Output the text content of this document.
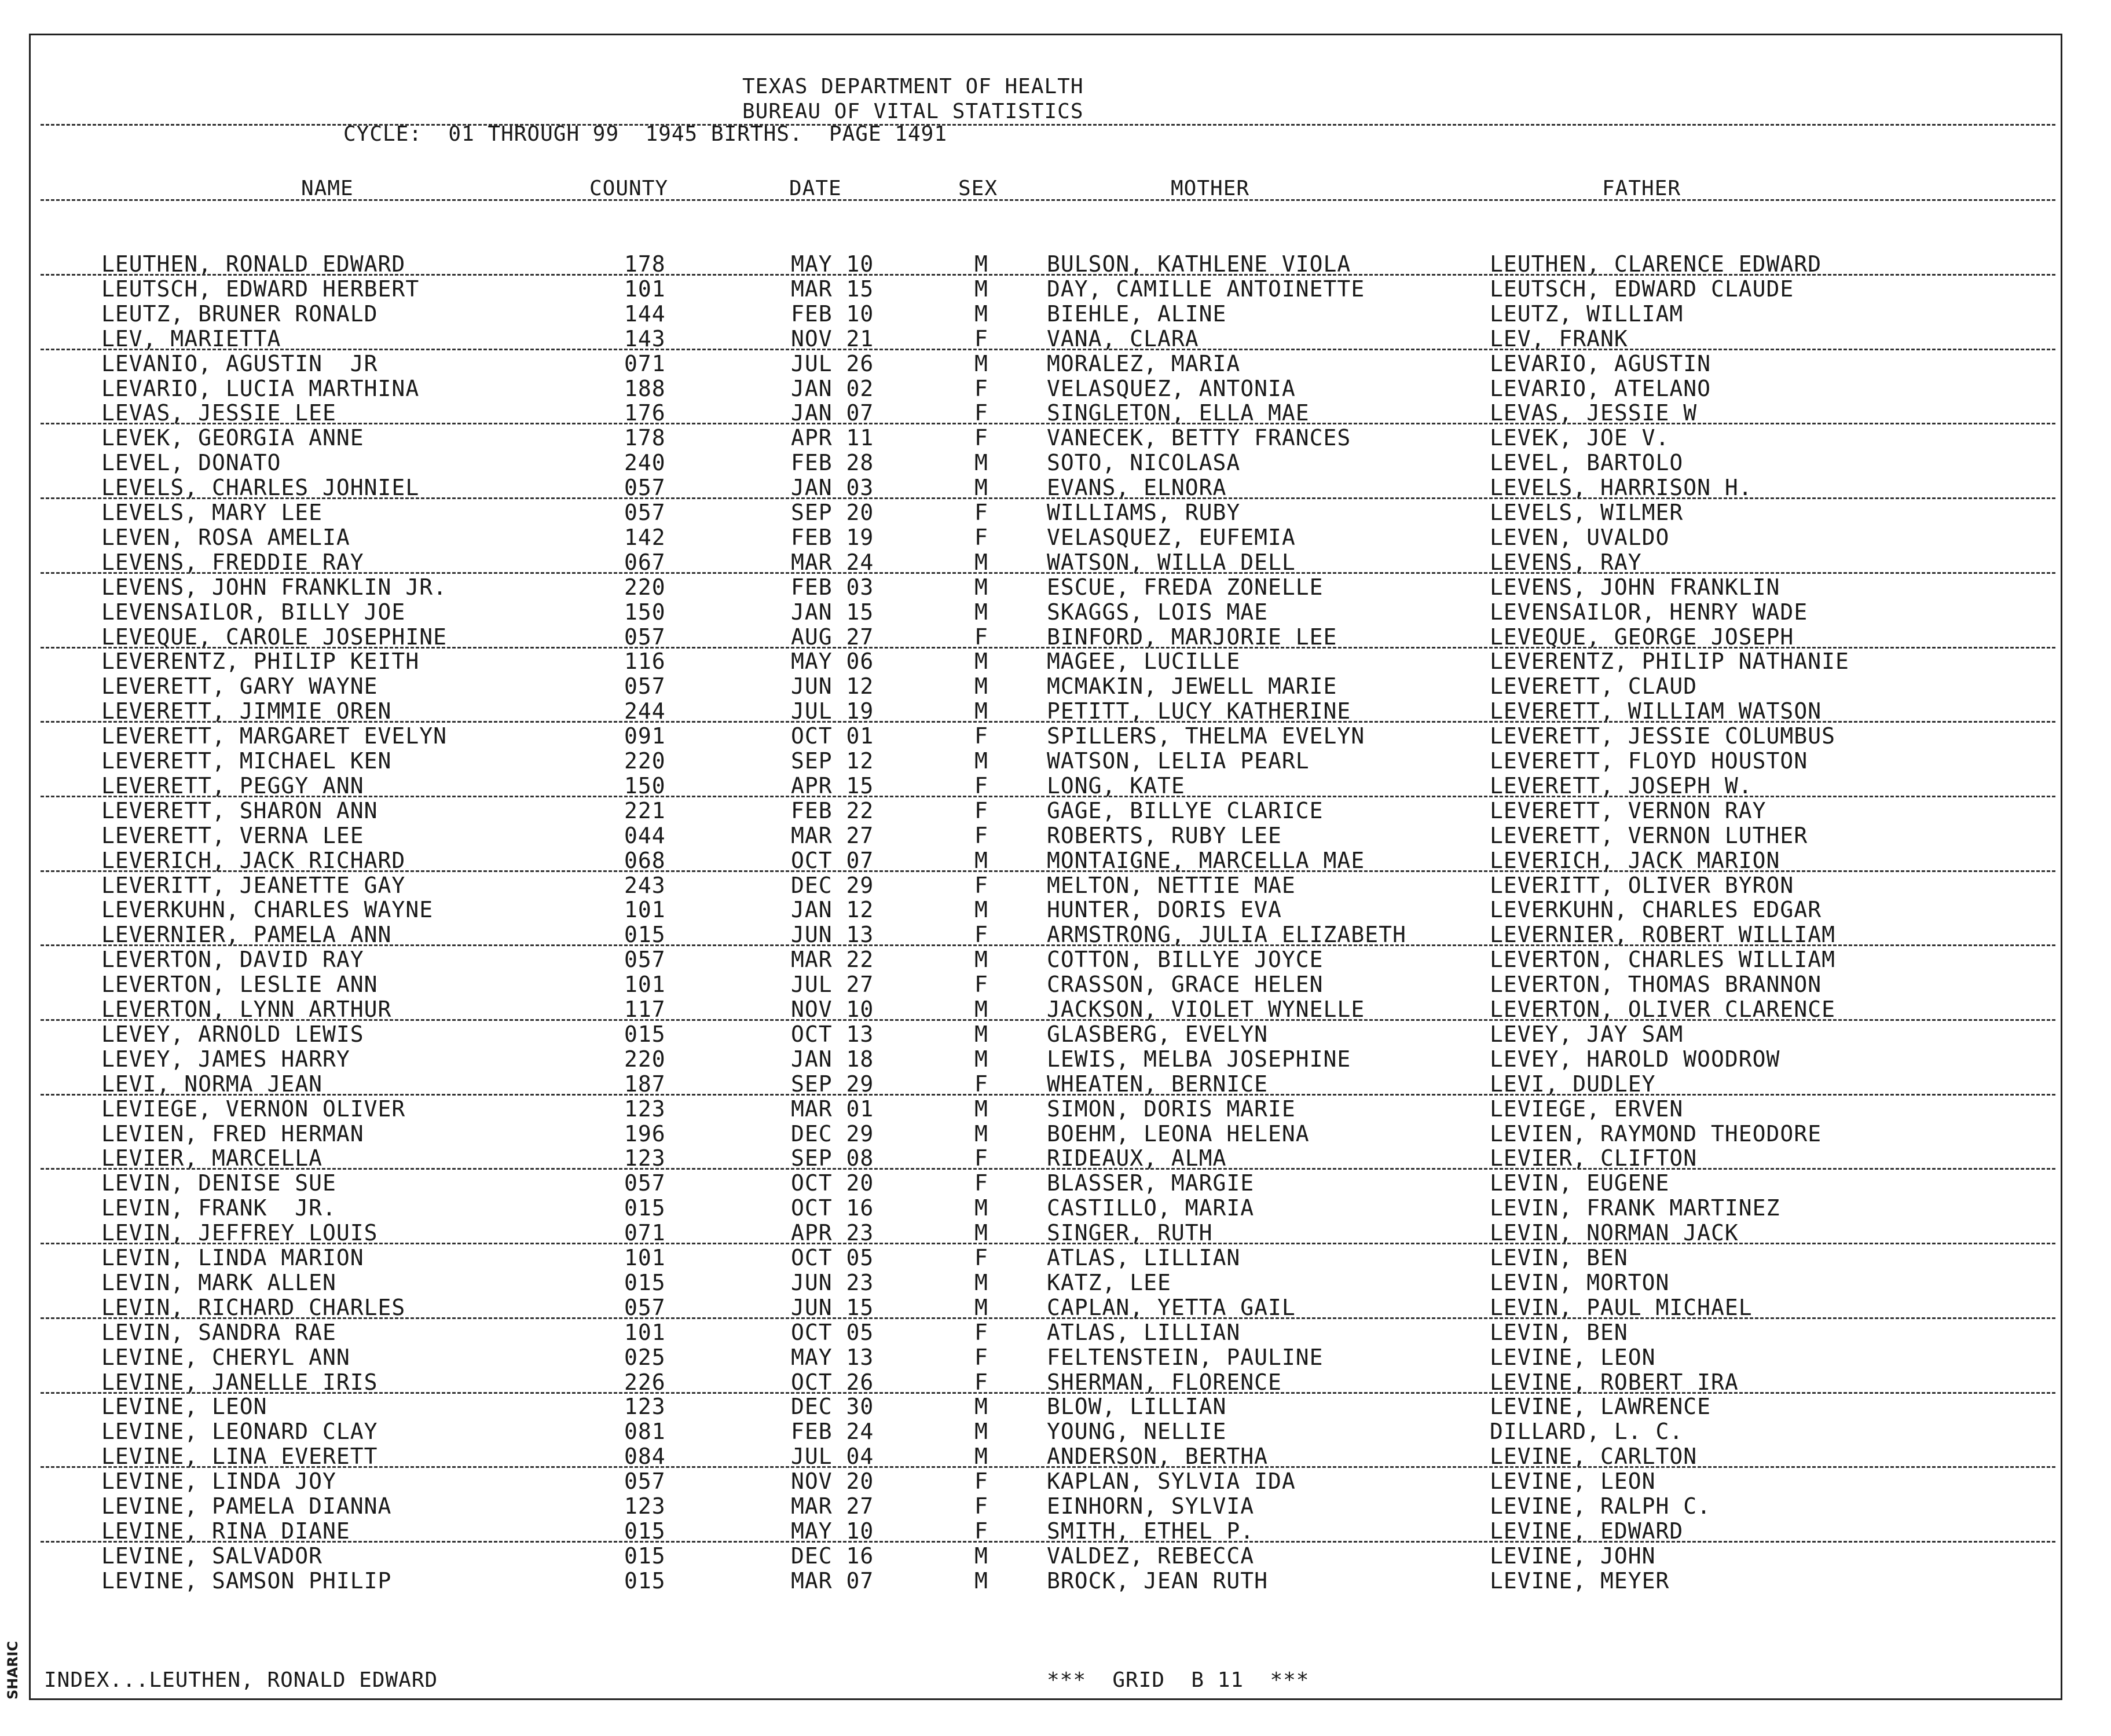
TEXAS DEPARTMENT OF HEALTH
BUREAU OF VITAL STATISTICS
CYCLE:  01 THROUGH 99  1945 BIRTHS.  PAGE 1491
NAME	COUNTY	DATE	SEX	MOTHER	FATHER
LEUTHEN, RONALD EDWARD	178	MAY 10	M	BULSON, KATHLENE VIOLA	LEUTHEN, CLARENCE EDWARD
LEUTSCH, EDWARD HERBERT	101	MAR 15	M	DAY, CAMILLE ANTOINETTE	LEUTSCH, EDWARD CLAUDE
LEUTZ, BRUNER RONALD	144	FEB 10	M	BIEHLE, ALINE	LEUTZ, WILLIAM
LEV, MARIETTA	143	NOV 21	F	VANA, CLARA	LEV, FRANK
LEVANIO, AGUSTIN  JR	071	JUL 26	M	MORALEZ, MARIA	LEVARIO, AGUSTIN
LEVARIO, LUCIA MARTHINA	188	JAN 02	F	VELASQUEZ, ANTONIA	LEVARIO, ATELANO
LEVAS, JESSIE LEE	176	JAN 07	F	SINGLETON, ELLA MAE	LEVAS, JESSIE W
LEVEK, GEORGIA ANNE	178	APR 11	F	VANECEK, BETTY FRANCES	LEVEK, JOE V.
LEVEL, DONATO	240	FEB 28	M	SOTO, NICOLASA	LEVEL, BARTOLO
LEVELS, CHARLES JOHNIEL	057	JAN 03	M	EVANS, ELNORA	LEVELS, HARRISON H.
LEVELS, MARY LEE	057	SEP 20	F	WILLIAMS, RUBY	LEVELS, WILMER
LEVEN, ROSA AMELIA	142	FEB 19	F	VELASQUEZ, EUFEMIA	LEVEN, UVALDO
LEVENS, FREDDIE RAY	067	MAR 24	M	WATSON, WILLA DELL	LEVENS, RAY
LEVENS, JOHN FRANKLIN JR.	220	FEB 03	M	ESCUE, FREDA ZONELLE	LEVENS, JOHN FRANKLIN
LEVENSAILOR, BILLY JOE	150	JAN 15	M	SKAGGS, LOIS MAE	LEVENSAILOR, HENRY WADE
LEVEQUE, CAROLE JOSEPHINE	057	AUG 27	F	BINFORD, MARJORIE LEE	LEVEQUE, GEORGE JOSEPH
LEVERENTZ, PHILIP KEITH	116	MAY 06	M	MAGEE, LUCILLE	LEVERENTZ, PHILIP NATHANIE
LEVERETT, GARY WAYNE	057	JUN 12	M	MCMAKIN, JEWELL MARIE	LEVERETT, CLAUD
LEVERETT, JIMMIE OREN	244	JUL 19	M	PETITT, LUCY KATHERINE	LEVERETT, WILLIAM WATSON
LEVERETT, MARGARET EVELYN	091	OCT 01	F	SPILLERS, THELMA EVELYN	LEVERETT, JESSIE COLUMBUS
LEVERETT, MICHAEL KEN	220	SEP 12	M	WATSON, LELIA PEARL	LEVERETT, FLOYD HOUSTON
LEVERETT, PEGGY ANN	150	APR 15	F	LONG, KATE	LEVERETT, JOSEPH W.
LEVERETT, SHARON ANN	221	FEB 22	F	GAGE, BILLYE CLARICE	LEVERETT, VERNON RAY
LEVERETT, VERNA LEE	044	MAR 27	F	ROBERTS, RUBY LEE	LEVERETT, VERNON LUTHER
LEVERICH, JACK RICHARD	068	OCT 07	M	MONTAIGNE, MARCELLA MAE	LEVERICH, JACK MARION
LEVERITT, JEANETTE GAY	243	DEC 29	F	MELTON, NETTIE MAE	LEVERITT, OLIVER BYRON
LEVERKUHN, CHARLES WAYNE	101	JAN 12	M	HUNTER, DORIS EVA	LEVERKUHN, CHARLES EDGAR
LEVERNIER, PAMELA ANN	015	JUN 13	F	ARMSTRONG, JULIA ELIZABETH	LEVERNIER, ROBERT WILLIAM
LEVERTON, DAVID RAY	057	MAR 22	M	COTTON, BILLYE JOYCE	LEVERTON, CHARLES WILLIAM
LEVERTON, LESLIE ANN	101	JUL 27	F	CRASSON, GRACE HELEN	LEVERTON, THOMAS BRANNON
LEVERTON, LYNN ARTHUR	117	NOV 10	M	JACKSON, VIOLET WYNELLE	LEVERTON, OLIVER CLARENCE
LEVEY, ARNOLD LEWIS	015	OCT 13	M	GLASBERG, EVELYN	LEVEY, JAY SAM
LEVEY, JAMES HARRY	220	JAN 18	M	LEWIS, MELBA JOSEPHINE	LEVEY, HAROLD WOODROW
LEVI, NORMA JEAN	187	SEP 29	F	WHEATEN, BERNICE	LEVI, DUDLEY
LEVIEGE, VERNON OLIVER	123	MAR 01	M	SIMON, DORIS MARIE	LEVIEGE, ERVEN
LEVIEN, FRED HERMAN	196	DEC 29	M	BOEHM, LEONA HELENA	LEVIEN, RAYMOND THEODORE
LEVIER, MARCELLA	123	SEP 08	F	RIDEAUX, ALMA	LEVIER, CLIFTON
LEVIN, DENISE SUE	057	OCT 20	F	BLASSER, MARGIE	LEVIN, EUGENE
LEVIN, FRANK  JR.	015	OCT 16	M	CASTILLO, MARIA	LEVIN, FRANK MARTINEZ
LEVIN, JEFFREY LOUIS	071	APR 23	M	SINGER, RUTH	LEVIN, NORMAN JACK
LEVIN, LINDA MARION	101	OCT 05	F	ATLAS, LILLIAN	LEVIN, BEN
LEVIN, MARK ALLEN	015	JUN 23	M	KATZ, LEE	LEVIN, MORTON
LEVIN, RICHARD CHARLES	057	JUN 15	M	CAPLAN, YETTA GAIL	LEVIN, PAUL MICHAEL
LEVIN, SANDRA RAE	101	OCT 05	F	ATLAS, LILLIAN	LEVIN, BEN
LEVINE, CHERYL ANN	025	MAY 13	F	FELTENSTEIN, PAULINE	LEVINE, LEON
LEVINE, JANELLE IRIS	226	OCT 26	F	SHERMAN, FLORENCE	LEVINE, ROBERT IRA
LEVINE, LEON	123	DEC 30	M	BLOW, LILLIAN	LEVINE, LAWRENCE
LEVINE, LEONARD CLAY	081	FEB 24	M	YOUNG, NELLIE	DILLARD, L. C.
LEVINE, LINA EVERETT	084	JUL 04	M	ANDERSON, BERTHA	LEVINE, CARLTON
LEVINE, LINDA JOY	057	NOV 20	F	KAPLAN, SYLVIA IDA	LEVINE, LEON
LEVINE, PAMELA DIANNA	123	MAR 27	F	EINHORN, SYLVIA	LEVINE, RALPH C.
LEVINE, RINA DIANE	015	MAY 10	F	SMITH, ETHEL P.	LEVINE, EDWARD
LEVINE, SALVADOR	015	DEC 16	M	VALDEZ, REBECCA	LEVINE, JOHN
LEVINE, SAMSON PHILIP	015	MAR 07	M	BROCK, JEAN RUTH	LEVINE, MEYER
INDEX...LEUTHEN, RONALD EDWARD	***  GRID  B 11  ***
SHARIC
